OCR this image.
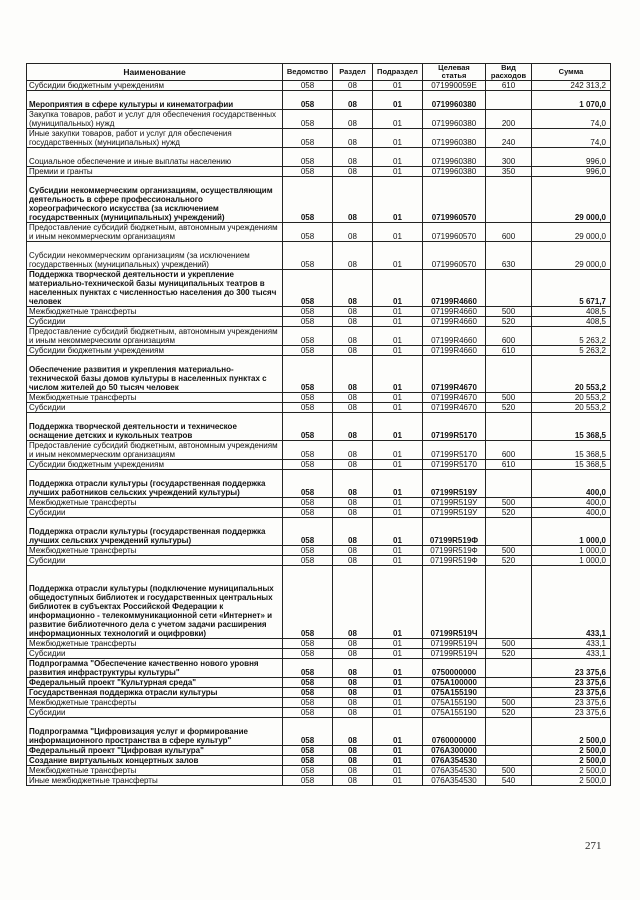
Наименование	Ведомство	Раздел	Подраздел	Целевая статья	Вид расходов	Сумма
Субсидии бюджетным учреждениям	058	08	01	071990059Е	610	242 313,2
Мероприятия в сфере культуры и кинематографии	058	08	01	0719960380		1 070,0
Закупка товаров, работ и услуг для обеспечения государственных (муниципальных) нужд	058	08	01	0719960380	200	74,0
Иные закупки товаров, работ и услуг для обеспечения государственных (муниципальных) нужд	058	08	01	0719960380	240	74,0
Социальное обеспечение и иные выплаты населению	058	08	01	0719960380	300	996,0
Премии и гранты	058	08	01	0719960380	350	996,0
Субсидии некоммерческим организациям, осуществляющим деятельность в сфере профессионального хореографического искусства (за исключением государственных (муниципальных) учреждений)	058	08	01	0719960570		29 000,0
Предоставление субсидий бюджетным, автономным учреждениям и иным некоммерческим организациям	058	08	01	0719960570	600	29 000,0
Субсидии некоммерческим организациям (за исключением государственных (муниципальных) учреждений)	058	08	01	0719960570	630	29 000,0
Поддержка творческой деятельности и укрепление материально-технической базы муниципальных театров в населенных пунктах с численностью населения до 300 тысяч человек	058	08	01	07199R4660		5 671,7
Межбюджетные трансферты	058	08	01	07199R4660	500	408,5
Субсидии	058	08	01	07199R4660	520	408,5
Предоставление субсидий бюджетным, автономным учреждениям и иным некоммерческим организациям	058	08	01	07199R4660	600	5 263,2
Субсидии бюджетным учреждениям	058	08	01	07199R4660	610	5 263,2
Обеспечение развития и укрепления материально-технической базы домов культуры в населенных пунктах с числом жителей до 50 тысяч человек	058	08	01	07199R4670		20 553,2
Межбюджетные трансферты	058	08	01	07199R4670	500	20 553,2
Субсидии	058	08	01	07199R4670	520	20 553,2
Поддержка творческой деятельности и техническое оснащение детских и кукольных театров	058	08	01	07199R5170		15 368,5
Предоставление субсидий бюджетным, автономным учреждениям и иным некоммерческим организациям	058	08	01	07199R5170	600	15 368,5
Субсидии бюджетным учреждениям	058	08	01	07199R5170	610	15 368,5
Поддержка отрасли культуры (государственная поддержка лучших работников сельских учреждений культуры)	058	08	01	07199R519У		400,0
Межбюджетные трансферты	058	08	01	07199R519У	500	400,0
Субсидии	058	08	01	07199R519У	520	400,0
Поддержка отрасли культуры (государственная поддержка лучших сельских учреждений культуры)	058	08	01	07199R519Ф		1 000,0
Межбюджетные трансферты	058	08	01	07199R519Ф	500	1 000,0
Субсидии	058	08	01	07199R519Ф	520	1 000,0
Поддержка отрасли культуры (подключение муниципальных общедоступных библиотек и государственных центральных библиотек в субъектах Российской Федерации к информационно - телекоммуникационной сети «Интернет» и развитие библиотечного дела с учетом задачи расширения информационных технологий и оцифровки)	058	08	01	07199R519Ч		433,1
Межбюджетные трансферты	058	08	01	07199R519Ч	500	433,1
Субсидии	058	08	01	07199R519Ч	520	433,1
Подпрограмма "Обеспечение качественно нового уровня развития инфраструктуры культуры"	058	08	01	0750000000		23 375,6
Федеральный проект "Культурная среда"	058	08	01	075A100000		23 375,6
Государственная поддержка отрасли культуры	058	08	01	075A155190		23 375,6
Межбюджетные трансферты	058	08	01	075A155190	500	23 375,6
Субсидии	058	08	01	075A155190	520	23 375,6
Подпрограмма "Цифровизация услуг и формирование информационного пространства в сфере культур"	058	08	01	0760000000		2 500,0
Федеральный проект "Цифровая культура"	058	08	01	076A300000		2 500,0
Создание виртуальных концертных залов	058	08	01	076A354530		2 500,0
Межбюджетные трансферты	058	08	01	076A354530	500	2 500,0
Иные межбюджетные трансферты	058	08	01	076A354530	540	2 500,0
271
